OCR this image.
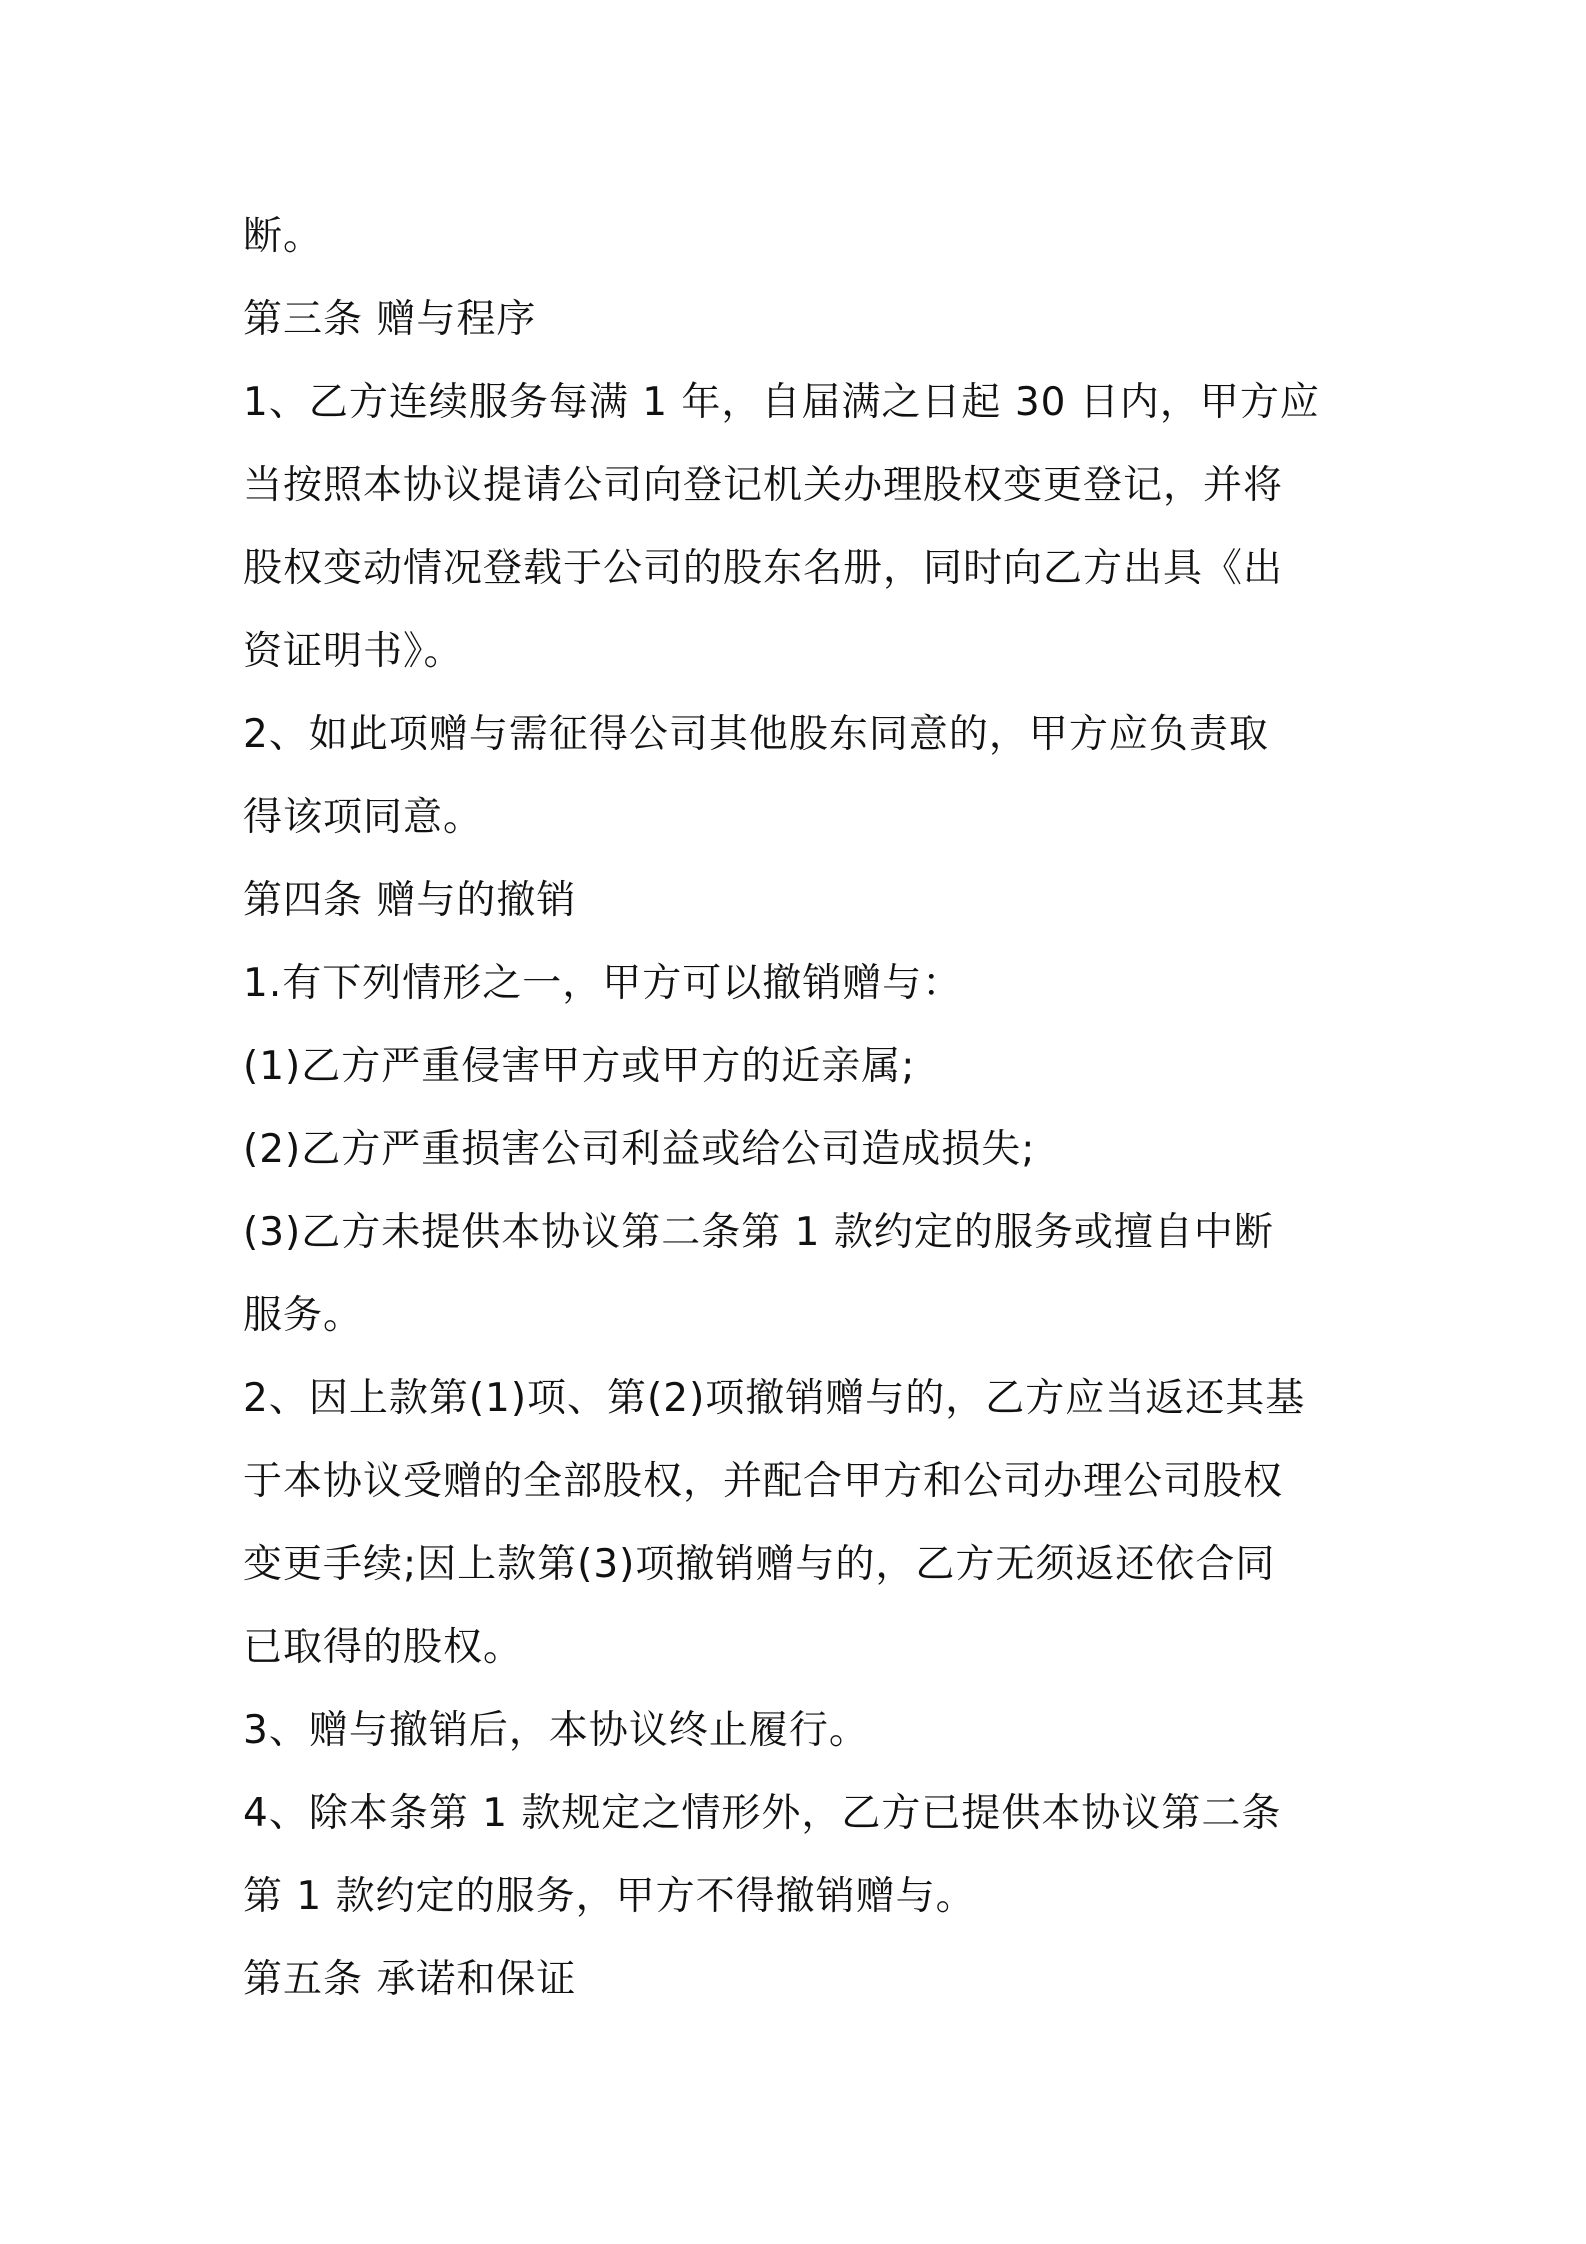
断。
第三条 赠与程序
1、乙方连续服务每满 1 年，自届满之日起 30 日内，甲方应
当按照本协议提请公司向登记机关办理股权变更登记，并将
股权变动情况登载于公司的股东名册，同时向乙方出具《出
资证明书》。
2、如此项赠与需征得公司其他股东同意的，甲方应负责取
得该项同意。
第四条 赠与的撤销
1.有下列情形之一，甲方可以撤销赠与：
(1)乙方严重侵害甲方或甲方的近亲属;
(2)乙方严重损害公司利益或给公司造成损失;
(3)乙方未提供本协议第二条第 1 款约定的服务或擅自中断
服务。
2、因上款第(1)项、第(2)项撤销赠与的，乙方应当返还其基
于本协议受赠的全部股权，并配合甲方和公司办理公司股权
变更手续;因上款第(3)项撤销赠与的，乙方无须返还依合同
已取得的股权。
3、赠与撤销后，本协议终止履行。
4、除本条第 1 款规定之情形外，乙方已提供本协议第二条
第 1 款约定的服务，甲方不得撤销赠与。
第五条 承诺和保证
